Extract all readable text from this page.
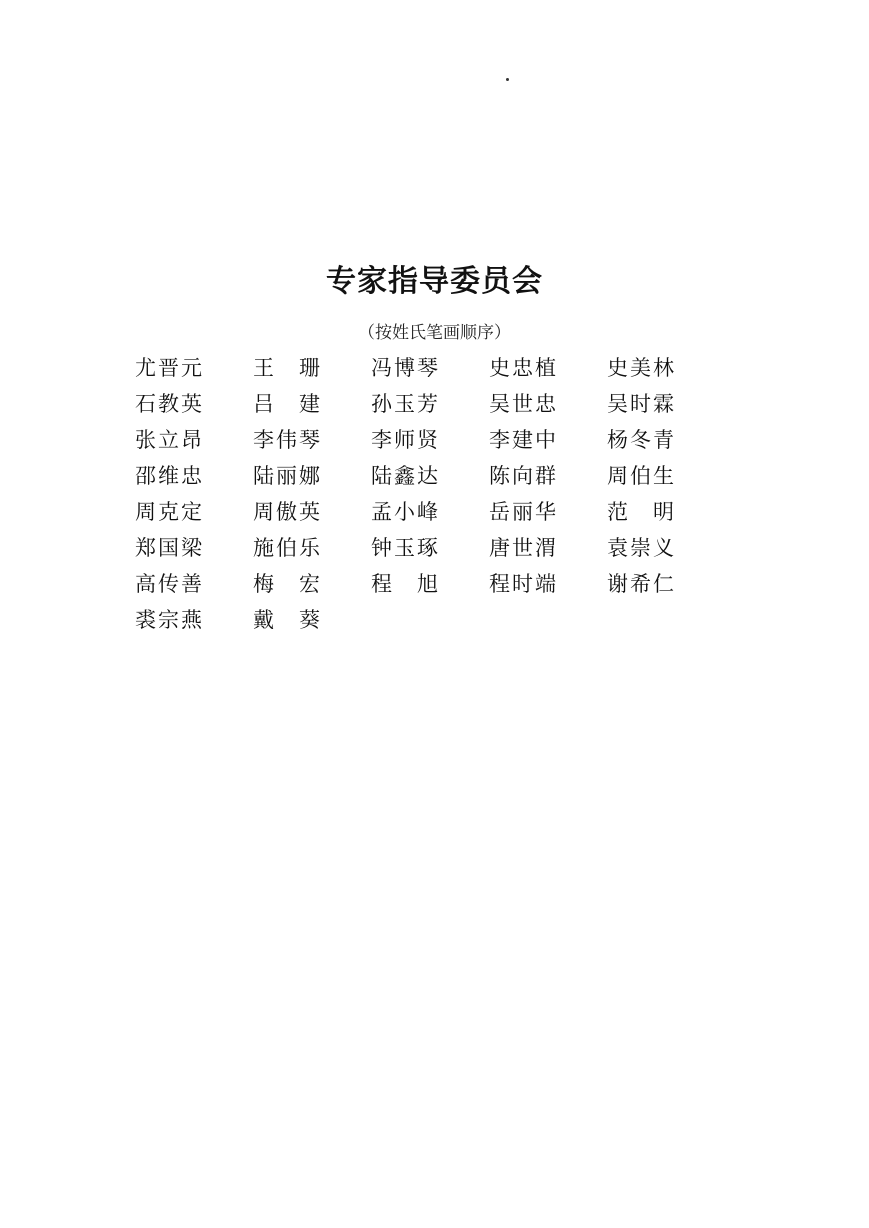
专家指导委员会
（按姓氏笔画顺序）
尤晋元	王　珊	冯博琴	史忠植	史美林
石教英	吕　建	孙玉芳	吴世忠	吴时霖
张立昂	李伟琴	李师贤	李建中	杨冬青
邵维忠	陆丽娜	陆鑫达	陈向群	周伯生
周克定	周傲英	孟小峰	岳丽华	范　明
郑国梁	施伯乐	钟玉琢	唐世渭	袁崇义
高传善	梅　宏	程　旭	程时端	谢希仁
裘宗燕	戴　葵
